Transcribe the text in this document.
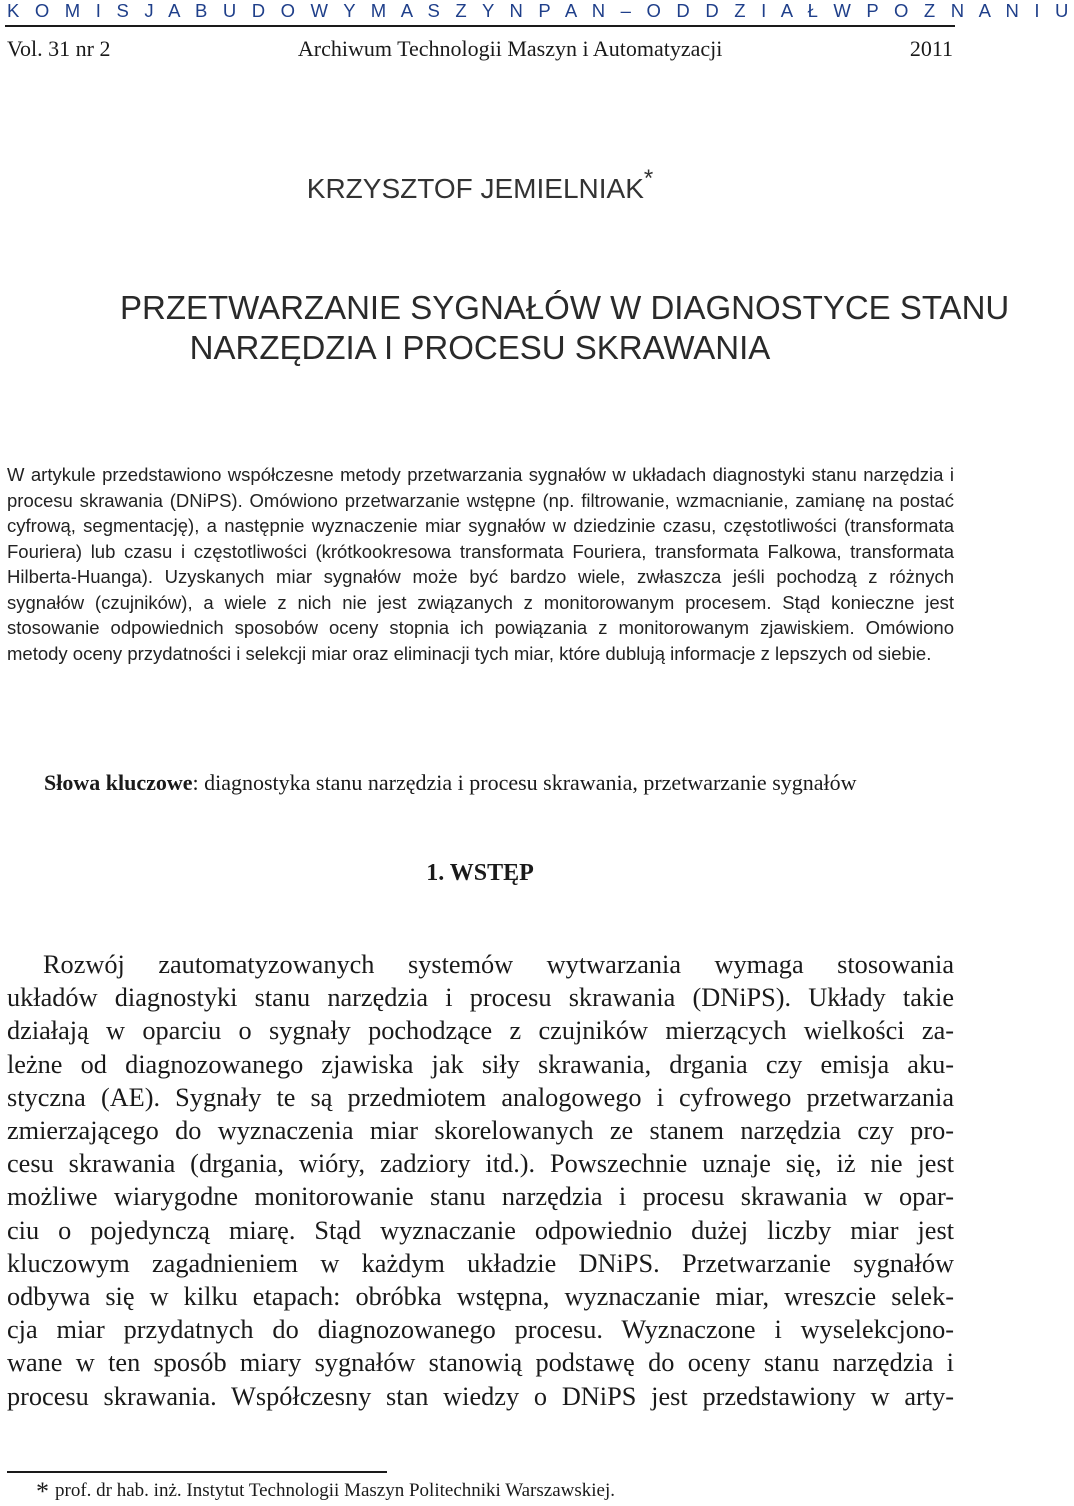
K O M I S J A B U D O W Y M A S Z Y N P A N – O D D Z I A Ł W P O Z N A N I U
Vol. 31 nr 2	Archiwum Technologii Maszyn i Automatyzacji	2011
KRZYSZTOF JEMIELNIAK*
PRZETWARZANIE SYGNAŁÓW W DIAGNOSTYCE STANU
NARZĘDZIA I PROCESU SKRAWANIA

W artykule przedstawiono współczesne metody przetwarzania sygnałów w układach diagnostyki stanu narzędzia i procesu skrawania (DNiPS). Omówiono przetwarzanie wstępne (np. filtrowanie, wzmacnianie, zamianę na postać cyfrową, segmentację), a następnie wyznaczenie miar sygnałów w dziedzinie czasu, częstotliwości (transformata Fouriera) lub czasu i częstotliwości (krótkookresowa transformata Fouriera, transformata Falkowa, transformata Hilberta-Huanga). Uzyskanych miar sygnałów może być bardzo wiele, zwłaszcza jeśli pochodzą z różnych sygnałów (czujników), a wiele z nich nie jest związanych z monitorowanym procesem. Stąd konieczne jest stosowanie odpowiednich sposobów oceny stopnia ich powiązania z monitorowanym zjawiskiem. Omówiono metody oceny przydatności i selekcji miar oraz eliminacji tych miar, które dublują informacje z lepszych od siebie.

Słowa kluczowe: diagnostyka stanu narzędzia i procesu skrawania, przetwarzanie sygnałów
1. WSTĘP
Rozwój zautomatyzowanych systemów wytwarzania wymaga stosowania
układów diagnostyki stanu narzędzia i procesu skrawania (DNiPS). Układy takie
działają w oparciu o sygnały pochodzące z czujników mierzących wielkości za-
leżne od diagnozowanego zjawiska jak siły skrawania, drgania czy emisja aku-
styczna (AE). Sygnały te są przedmiotem analogowego i cyfrowego przetwarzania
zmierzającego do wyznaczenia miar skorelowanych ze stanem narzędzia czy pro-
cesu skrawania (drgania, wióry, zadziory itd.). Powszechnie uznaje się, iż nie jest
możliwe wiarygodne monitorowanie stanu narzędzia i procesu skrawania w opar-
ciu o pojedynczą miarę. Stąd wyznaczanie odpowiednio dużej liczby miar jest
kluczowym zagadnieniem w każdym układzie DNiPS. Przetwarzanie sygnałów
odbywa się w kilku etapach: obróbka wstępna, wyznaczanie miar, wreszcie selek-
cja miar przydatnych do diagnozowanego procesu. Wyznaczone i wyselekcjono-
wane w ten sposób miary sygnałów stanowią podstawę do oceny stanu narzędzia i
procesu skrawania. Współczesny stan wiedzy o DNiPS jest przedstawiony w arty-
* prof. dr hab. inż. Instytut Technologii Maszyn Politechniki Warszawskiej.
